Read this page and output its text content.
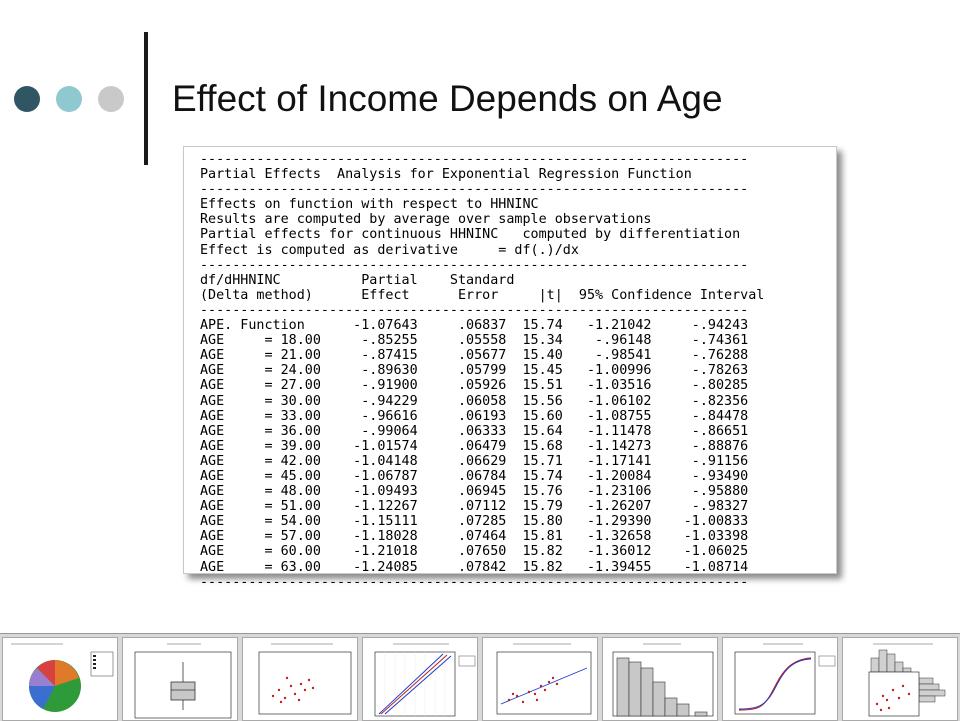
Effect of Income Depends on Age
--------------------------------------------------------------------
Partial Effects  Analysis for Exponential Regression Function
--------------------------------------------------------------------
Effects on function with respect to HHNINC
Results are computed by average over sample observations
Partial effects for continuous HHNINC   computed by differentiation
Effect is computed as derivative     = df(.)/dx
--------------------------------------------------------------------
df/dHHNINC          Partial    Standard
(Delta method)      Effect      Error     |t|  95% Confidence Interval
--------------------------------------------------------------------
APE. Function      -1.07643     .06837  15.74   -1.21042     -.94243
AGE     = 18.00     -.85255     .05558  15.34    -.96148     -.74361
AGE     = 21.00     -.87415     .05677  15.40    -.98541     -.76288
AGE     = 24.00     -.89630     .05799  15.45   -1.00996     -.78263
AGE     = 27.00     -.91900     .05926  15.51   -1.03516     -.80285
AGE     = 30.00     -.94229     .06058  15.56   -1.06102     -.82356
AGE     = 33.00     -.96616     .06193  15.60   -1.08755     -.84478
AGE     = 36.00     -.99064     .06333  15.64   -1.11478     -.86651
AGE     = 39.00    -1.01574     .06479  15.68   -1.14273     -.88876
AGE     = 42.00    -1.04148     .06629  15.71   -1.17141     -.91156
AGE     = 45.00    -1.06787     .06784  15.74   -1.20084     -.93490
AGE     = 48.00    -1.09493     .06945  15.76   -1.23106     -.95880
AGE     = 51.00    -1.12267     .07112  15.79   -1.26207     -.98327
AGE     = 54.00    -1.15111     .07285  15.80   -1.29390    -1.00833
AGE     = 57.00    -1.18028     .07464  15.81   -1.32658    -1.03398
AGE     = 60.00    -1.21018     .07650  15.82   -1.36012    -1.06025
AGE     = 63.00    -1.24085     .07842  15.82   -1.39455    -1.08714
--------------------------------------------------------------------
